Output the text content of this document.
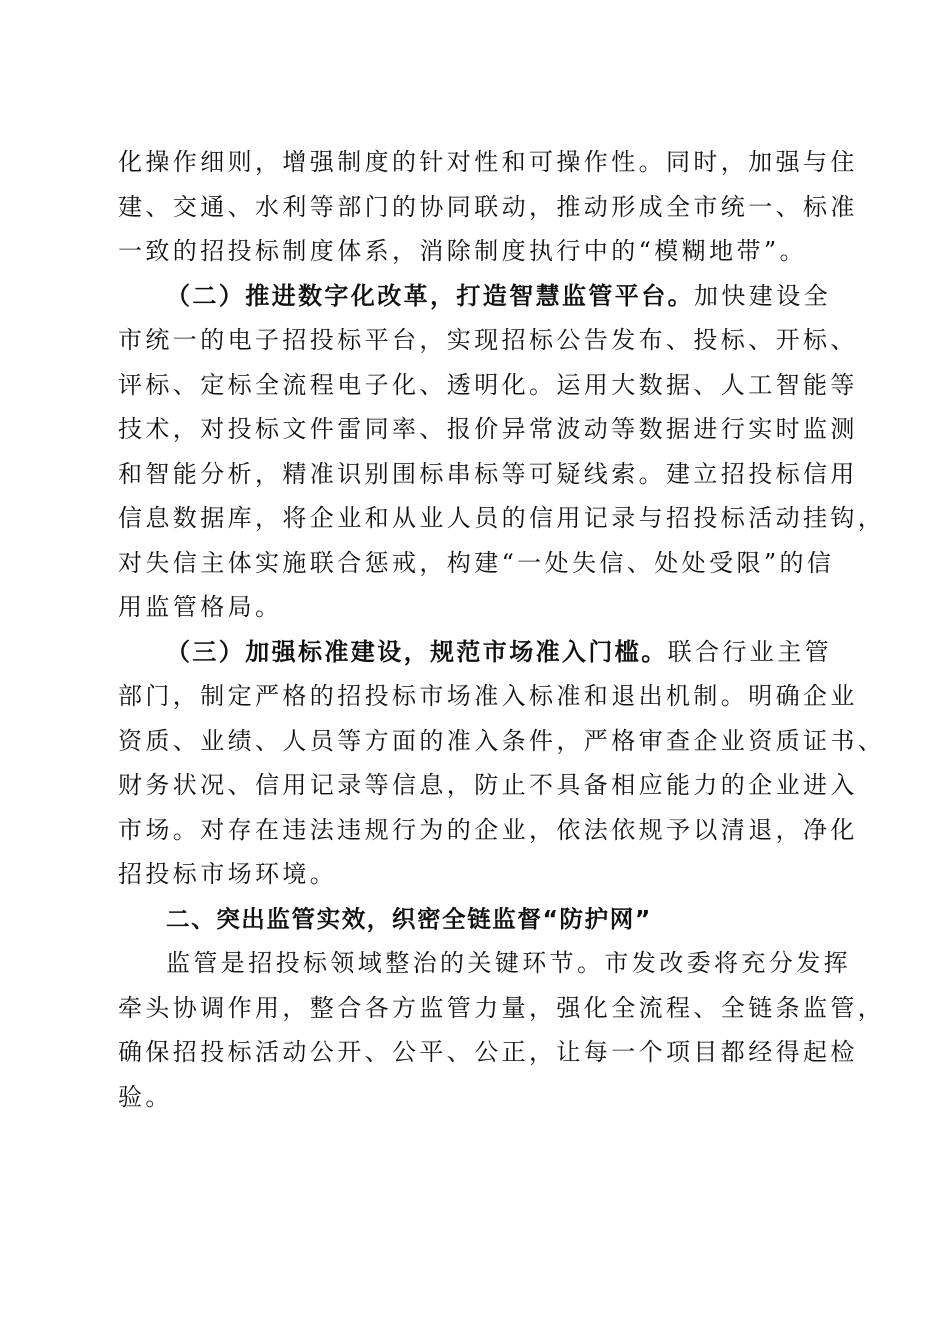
化操作细则，增强制度的针对性和可操作性。同时，加强与住
建、交通、水利等部门的协同联动，推动形成全市统一、标准
一致的招投标制度体系，消除制度执行中的“模糊地带”。
（二）推进数字化改革，打造智慧监管平台。加快建设全
市统一的电子招投标平台，实现招标公告发布、投标、开标、
评标、定标全流程电子化、透明化。运用大数据、人工智能等
技术，对投标文件雷同率、报价异常波动等数据进行实时监测
和智能分析，精准识别围标串标等可疑线索。建立招投标信用
信息数据库，将企业和从业人员的信用记录与招投标活动挂钩，
对失信主体实施联合惩戒，构建“一处失信、处处受限”的信
用监管格局。
（三）加强标准建设，规范市场准入门槛。联合行业主管
部门，制定严格的招投标市场准入标准和退出机制。明确企业
资质、业绩、人员等方面的准入条件，严格审查企业资质证书、
财务状况、信用记录等信息，防止不具备相应能力的企业进入
市场。对存在违法违规行为的企业，依法依规予以清退，净化
招投标市场环境。
二、突出监管实效，织密全链监督“防护网”
监管是招投标领域整治的关键环节。市发改委将充分发挥
牵头协调作用，整合各方监管力量，强化全流程、全链条监管，
确保招投标活动公开、公平、公正，让每一个项目都经得起检
验。
